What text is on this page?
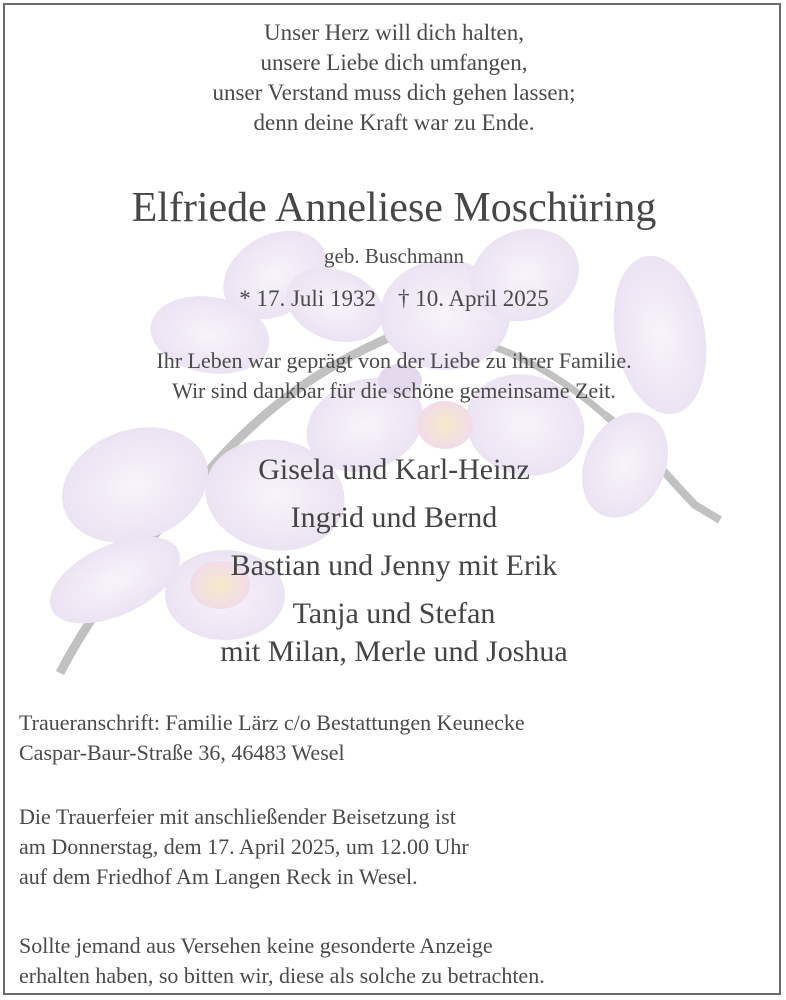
Unser Herz will dich halten,
unsere Liebe dich umfangen,
unser Verstand muss dich gehen lassen;
denn deine Kraft war zu Ende.
Elfriede Anneliese Moschüring
geb. Buschmann
* 17. Juli 1932 † 10. April 2025
Ihr Leben war geprägt von der Liebe zu ihrer Familie.
Wir sind dankbar für die schöne gemeinsame Zeit.
Gisela und Karl-Heinz
Ingrid und Bernd
Bastian und Jenny mit Erik
Tanja und Stefan
mit Milan, Merle und Joshua
Traueranschrift: Familie Lärz c/o Bestattungen Keunecke
Caspar-Baur-Straße 36, 46483 Wesel
Die Trauerfeier mit anschließender Beisetzung ist
am Donnerstag, dem 17. April 2025, um 12.00 Uhr
auf dem Friedhof Am Langen Reck in Wesel.
Sollte jemand aus Versehen keine gesonderte Anzeige
erhalten haben, so bitten wir, diese als solche zu betrachten.
